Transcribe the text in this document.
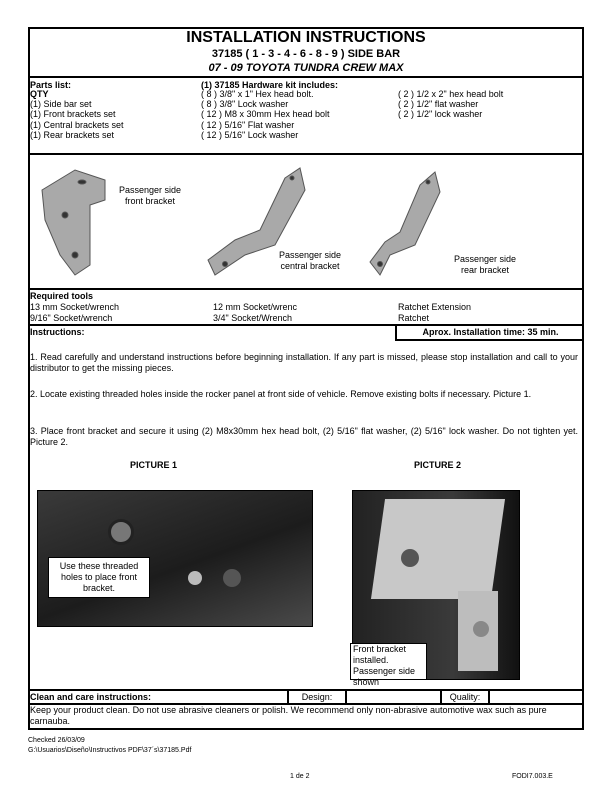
INSTALLATION INSTRUCTIONS
37185 ( 1 - 3 - 4 - 6 - 8 - 9 ) SIDE BAR
07 - 09 TOYOTA TUNDRA CREW MAX
Parts list:
QTY
(1) Side bar set
(1) Front brackets set
(1) Central brackets set
(1) Rear brackets set
(1) 37185 Hardware kit includes:
( 8 ) 3/8" x 1" Hex head bolt.
( 8 ) 3/8" Lock washer
( 12 ) M8 x 30mm Hex head bolt
( 12 ) 5/16" Flat washer
( 12 ) 5/16" Lock washer
( 2 ) 1/2 x 2" hex head bolt
( 2 ) 1/2" flat washer
( 2 ) 1/2" lock washer
Passenger side front bracket
Passenger side central bracket
Passenger side rear bracket
Required tools
13 mm Socket/wrench	12 mm Socket/wrenc	Ratchet Extension
9/16" Socket/wrench	3/4" Socket/Wrench	Ratchet
Instructions:	Aprox. Installation time: 35 min.
1. Read carefully and understand instructions before beginning installation. If any part is missed, please stop installation and call to your distributor to get the missing pieces.
2. Locate existing threaded holes inside the rocker panel at front side of vehicle. Remove existing bolts if necessary. Picture 1.
3. Place front bracket and secure it using (2) M8x30mm hex head bolt, (2) 5/16" flat washer, (2) 5/16" lock washer. Do not tighten yet. Picture 2.
PICTURE 1	PICTURE 2
Use these threaded holes to place front bracket.
Front bracket installed. Passenger side shown
Clean and care instructions:	Design:	Quality:
Keep your product clean. Do not use abrasive cleaners or polish. We recommend only non-abrasive automotive wax such as pure carnauba.
Checked 26/03/09
G:\Usuarios\Diseño\Instructivos PDF\37´s\37185.Pdf
1 de 2	FODI7.003.E
